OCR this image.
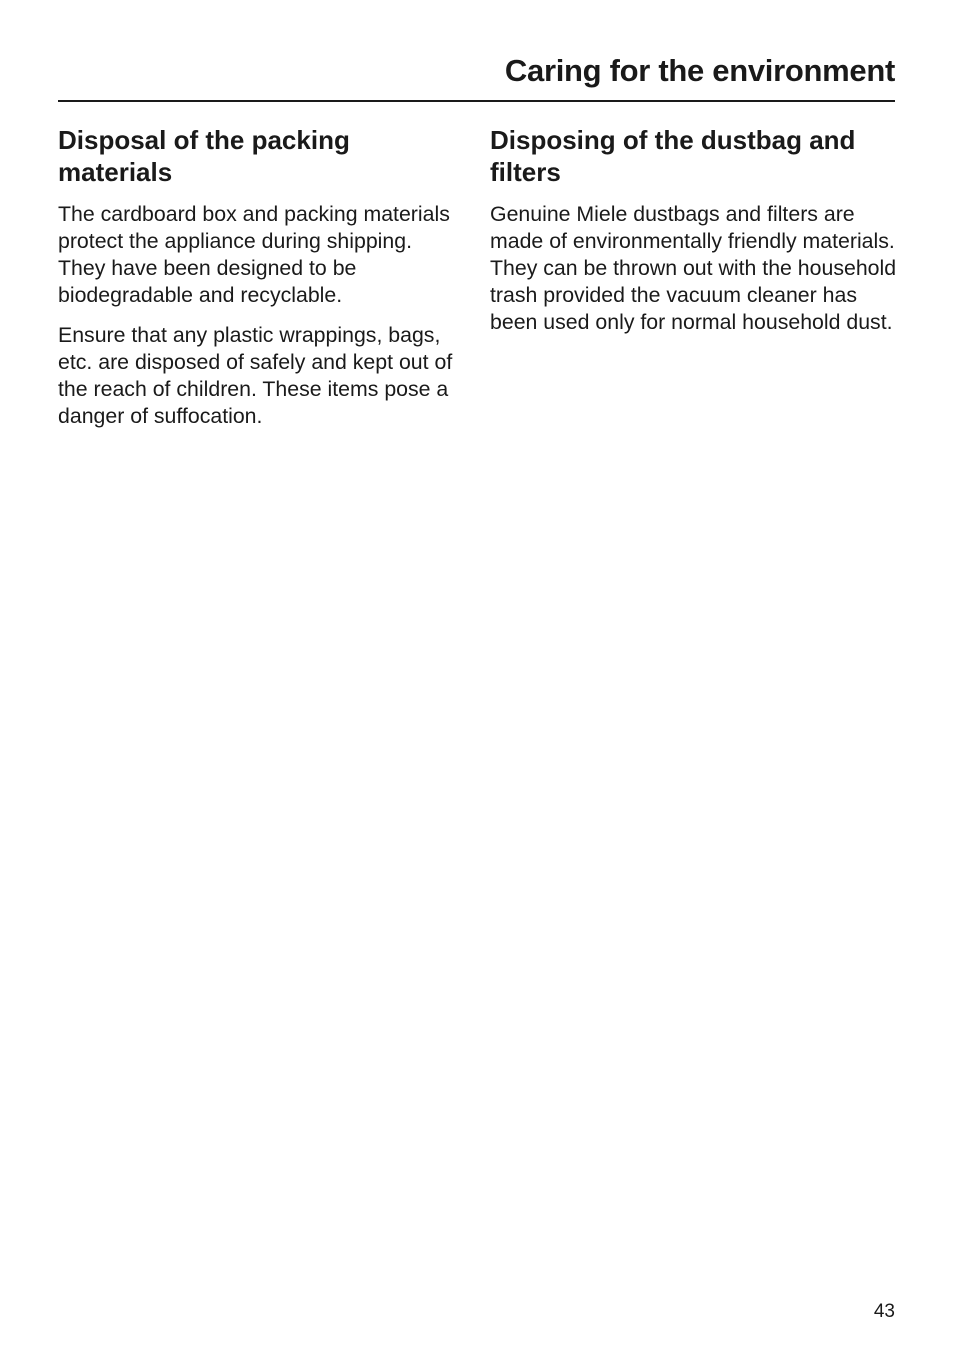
Caring for the environment
Disposal of the packing materials

The cardboard box and packing materials protect the appliance during shipping. They have been designed to be biodegradable and recyclable.

Ensure that any plastic wrappings, bags, etc. are disposed of safely and kept out of the reach of children. These items pose a danger of suffocation.

Disposing of the dustbag and filters

Genuine Miele dustbags and filters are made of environmentally friendly materials. They can be thrown out with the household trash provided the vacuum cleaner has been used only for normal household dust.

43
